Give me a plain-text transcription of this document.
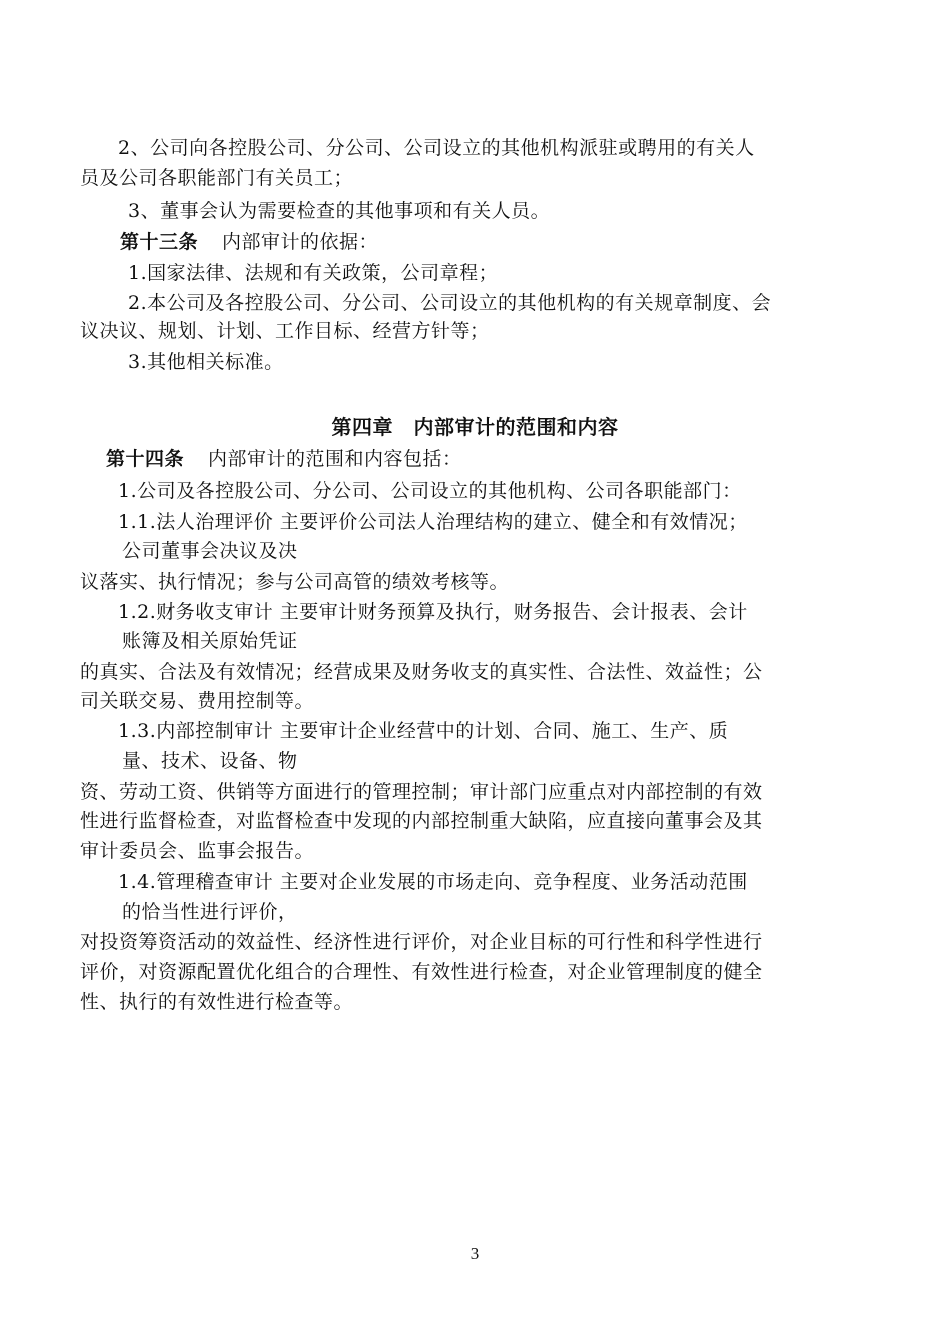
2、公司向各控股公司、分公司、公司设立的其他机构派驻或聘用的有关人
员及公司各职能部门有关员工；
3、董事会认为需要检查的其他事项和有关人员。
第十三条 内部审计的依据：
1.国家法律、法规和有关政策，公司章程；
2.本公司及各控股公司、分公司、公司设立的其他机构的有关规章制度、会
议决议、规划、计划、工作目标、经营方针等；
3.其他相关标准。
第四章　内部审计的范围和内容
第十四条 内部审计的范围和内容包括：
1.公司及各控股公司、分公司、公司设立的其他机构、公司各职能部门：
1.1.法人治理评价 主要评价公司法人治理结构的建立、健全和有效情况；
公司董事会决议及决
议落实、执行情况；参与公司高管的绩效考核等。
1.2.财务收支审计 主要审计财务预算及执行，财务报告、会计报表、会计
账簿及相关原始凭证
的真实、合法及有效情况；经营成果及财务收支的真实性、合法性、效益性；公
司关联交易、费用控制等。
1.3.内部控制审计 主要审计企业经营中的计划、合同、施工、生产、质
量、技术、设备、物
资、劳动工资、供销等方面进行的管理控制；审计部门应重点对内部控制的有效
性进行监督检查，对监督检查中发现的内部控制重大缺陷，应直接向董事会及其
审计委员会、监事会报告。
1.4.管理稽查审计 主要对企业发展的市场走向、竞争程度、业务活动范围
的恰当性进行评价，
对投资筹资活动的效益性、经济性进行评价，对企业目标的可行性和科学性进行
评价，对资源配置优化组合的合理性、有效性进行检查，对企业管理制度的健全
性、执行的有效性进行检查等。
3
